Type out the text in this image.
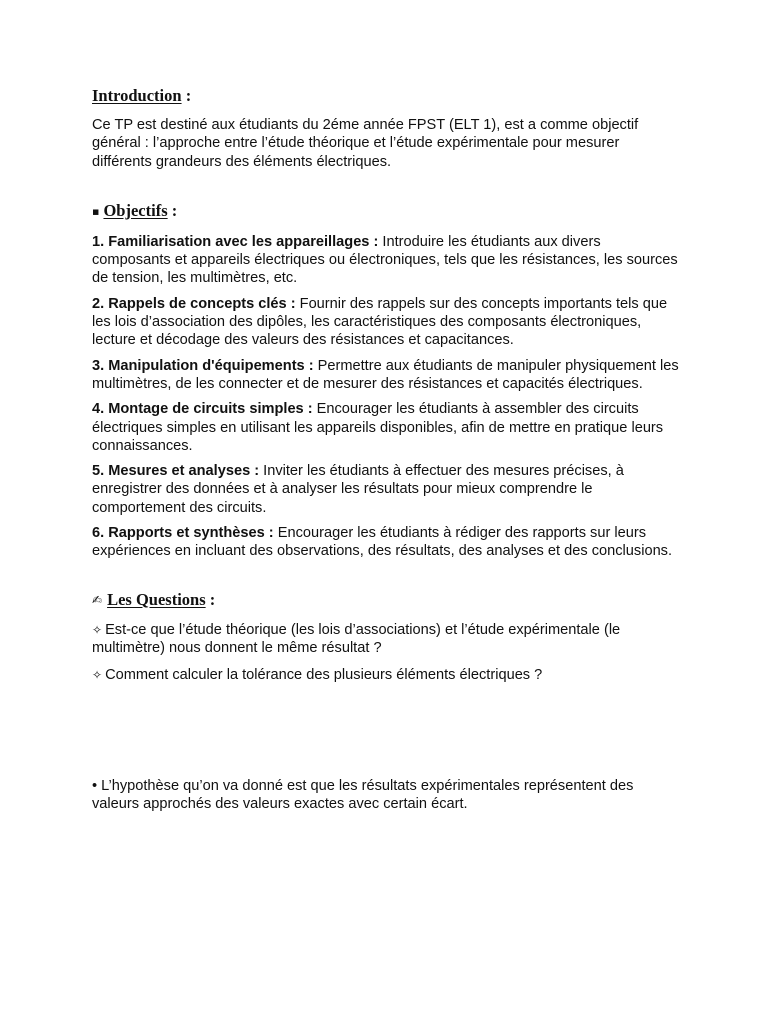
Introduction :

Ce TP est destiné aux étudiants du 2éme année FPST (ELT 1), est a comme objectif général : l’approche entre l’étude théorique et l’étude expérimentale pour mesurer différents grandeurs des éléments électriques.

▪ Objectifs :

1. Familiarisation avec les appareillages : Introduire les étudiants aux divers composants et appareils électriques ou électroniques, tels que les résistances, les sources de tension, les multimètres, etc.

2. Rappels de concepts clés : Fournir des rappels sur des concepts importants tels que les lois d’association des dipôles, les caractéristiques des composants électroniques, lecture et décodage des valeurs des résistances et capacitances.

3. Manipulation d'équipements : Permettre aux étudiants de manipuler physiquement les multimètres, de les connecter et de mesurer des résistances et capacités électriques.

4. Montage de circuits simples : Encourager les étudiants à assembler des circuits électriques simples en utilisant les appareils disponibles, afin de mettre en pratique leurs connaissances.

5. Mesures et analyses : Inviter les étudiants à effectuer des mesures précises, à enregistrer des données et à analyser les résultats pour mieux comprendre le comportement des circuits.

6. Rapports et synthèses : Encourager les étudiants à rédiger des rapports sur leurs expériences en incluant des observations, des résultats, des analyses et des conclusions.

✍ Les Questions :

✧ Est-ce que l’étude théorique (les lois d’associations) et l’étude expérimentale (le multimètre) nous donnent le même résultat ?

✧ Comment calculer la tolérance des plusieurs éléments électriques ?

• L’hypothèse qu’on va donné est que les résultats expérimentales représentent des valeurs approchés des valeurs exactes avec certain écart.
